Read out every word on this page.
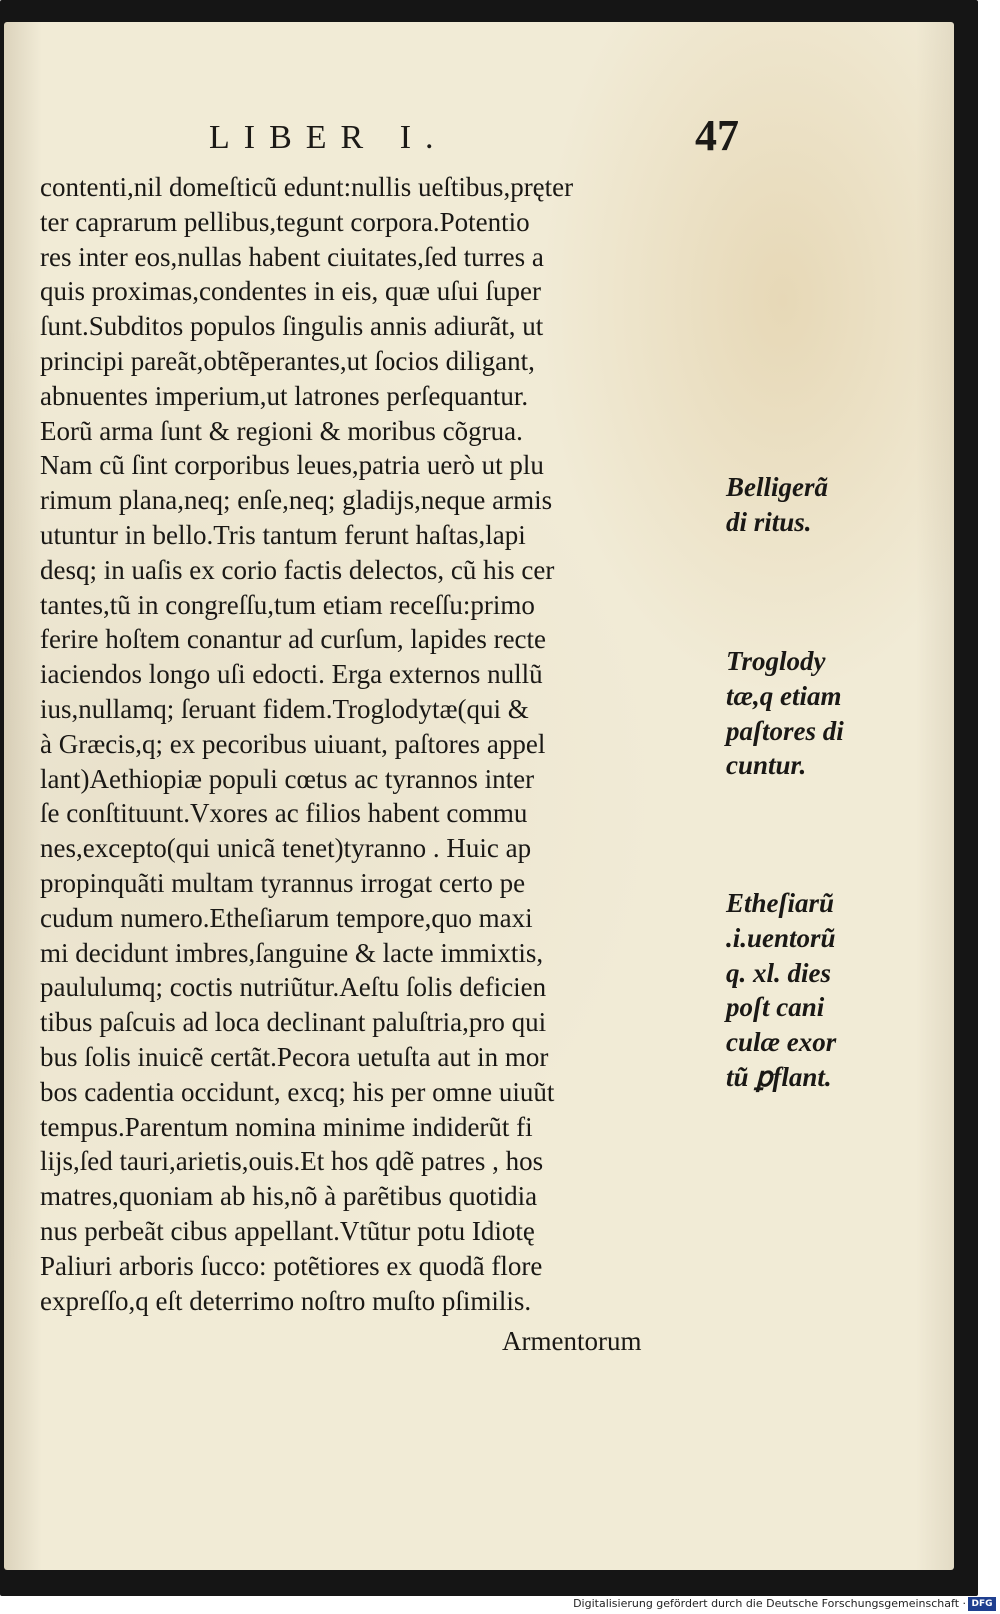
LIBER I.	47
contenti,nil domeſticũ edunt:nullis ueſtibus,pręter
ter caprarum pellibus,tegunt corpora.Potentio
res inter eos,nullas habent ciuitates,ſed turres a
quis proximas,condentes in eis, quæ uſui ſuper
ſunt.Subditos populos ſingulis annis adiurãt, ut
principi pareãt,obtẽperantes,ut ſocios diligant,
abnuentes imperium,ut latrones perſequantur.
Eorũ arma ſunt & regioni & moribus cõgrua.
Nam cũ ſint corporibus leues,patria uerò ut plu
rimum plana,neq; enſe,neq; gladijs,neque armis
utuntur in bello.Tris tantum ferunt haſtas,lapi
desq; in uaſis ex corio factis delectos, cũ his cer
tantes,tũ in congreſſu,tum etiam receſſu:primo
ferire hoſtem conantur ad curſum, lapides recte
iaciendos longo uſi edocti. Erga externos nullũ
ius,nullamq; ſeruant fidem.Troglodytæ(qui &
à Græcis,q; ex pecoribus uiuant, paſtores appel
lant)Aethiopiæ populi cœtus ac tyrannos inter
ſe conſtituunt.Vxores ac filios habent commu
nes,excepto(qui unicã tenet)tyranno . Huic ap
propinquãti multam tyrannus irrogat certo pe
cudum numero.Etheſiarum tempore,quo maxi
mi decidunt imbres,ſanguine & lacte immixtis,
paululumq; coctis nutriũtur.Aeſtu ſolis deficien
tibus paſcuis ad loca declinant paluſtria,pro qui
bus ſolis inuicẽ certãt.Pecora uetuſta aut in mor
bos cadentia occidunt, excq; his per omne uiuũt
tempus.Parentum nomina minime indiderũt fi
lijs,ſed tauri,arietis,ouis.Et hos qdẽ patres , hos
matres,quoniam ab his,nõ à parẽtibus quotidia
nus perbeãt cibus appellant.Vtũtur potu Idiotę
Paliuri arboris ſucco: potẽtiores ex quodã flore
expreſſo,q eſt deterrimo noſtro muſto pſimilis.
Armentorum
Belligerã
di ritus.
Troglody
tæ,q etiam
paſtores di
cuntur.
Etheſiarũ
.i.uentorũ
q. xl. dies
poſt cani
culæ exor
tũ ꝑflant.
Digitalisierung gefördert durch die Deutsche Forschungsgemeinschaft · DFG
